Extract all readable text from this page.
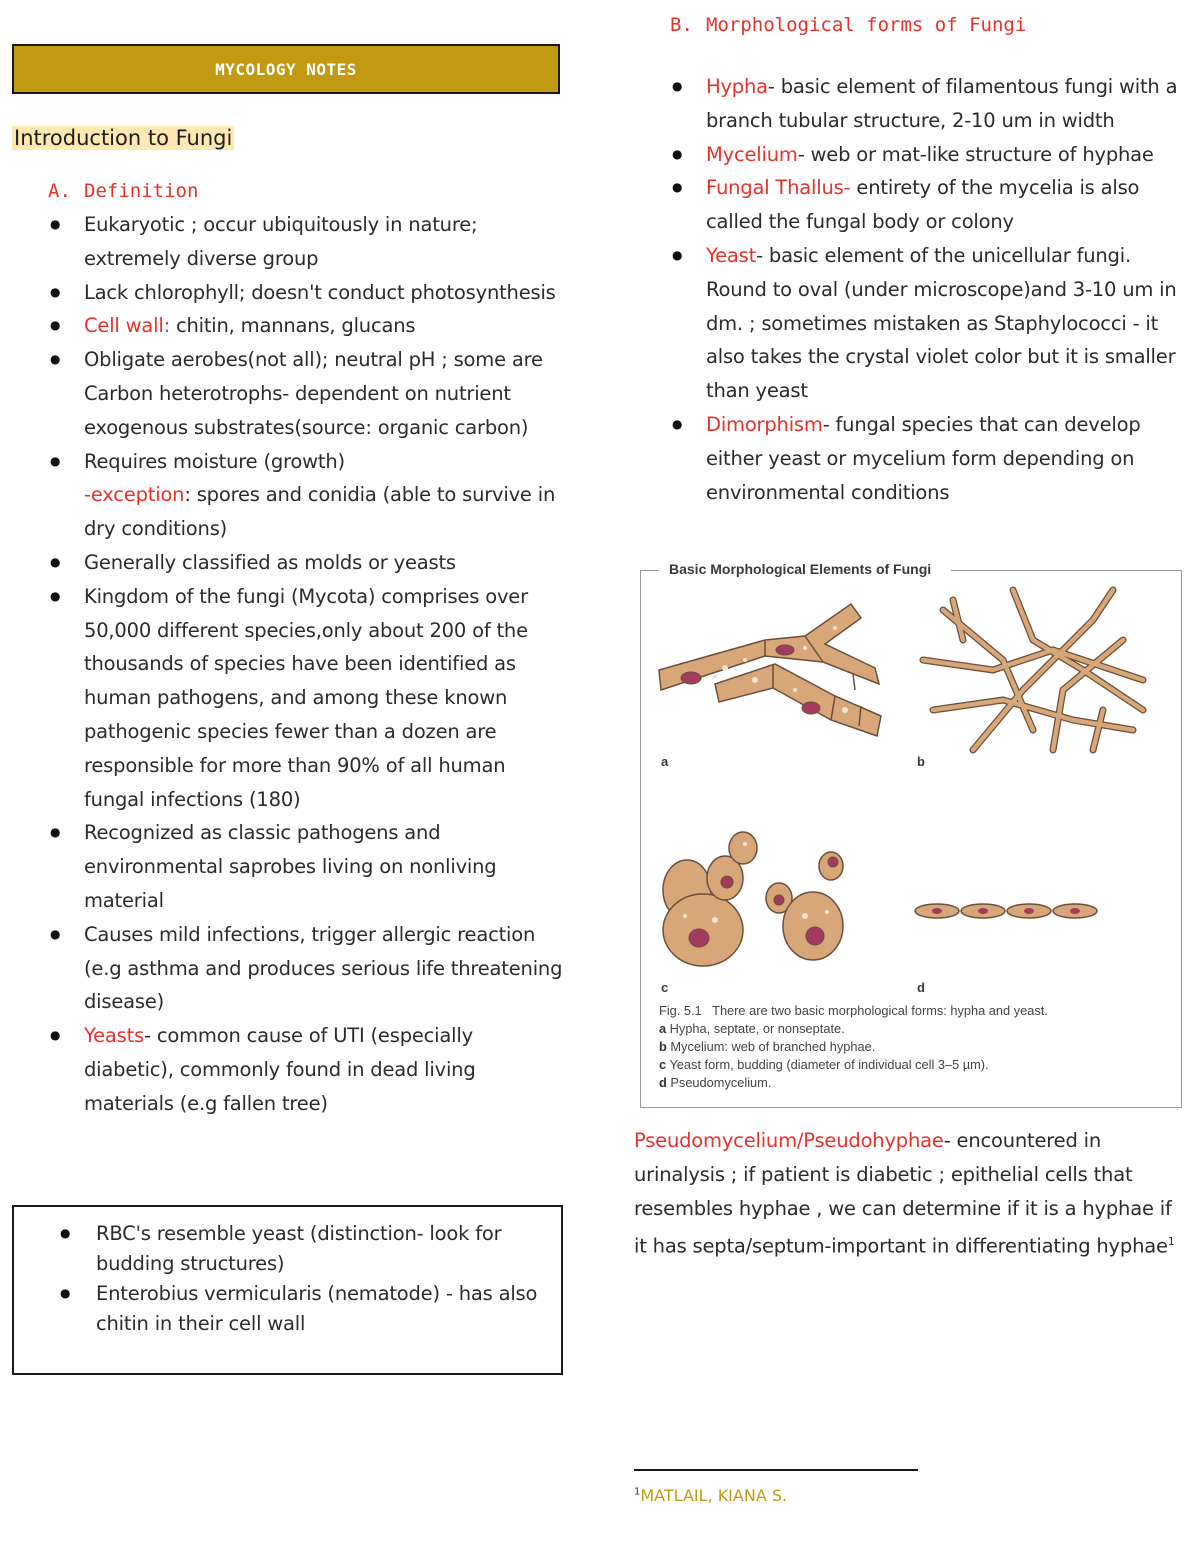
MYCOLOGY NOTES
Introduction to Fungi
A. Definition
● Eukaryotic ; occur ubiquitously in nature; extremely diverse group
● Lack chlorophyll; doesn't conduct photosynthesis
● Cell wall: chitin, mannans, glucans
● Obligate aerobes(not all); neutral pH ; some are Carbon heterotrophs- dependent on nutrient exogenous substrates(source: organic carbon)
● Requires moisture (growth)
-exception: spores and conidia (able to survive in dry conditions)
● Generally classified as molds or yeasts
● Kingdom of the fungi (Mycota) comprises over 50,000 different species,only about 200 of the thousands of species have been identified as human pathogens, and among these known pathogenic species fewer than a dozen are responsible for more than 90% of all human fungal infections (180)
● Recognized as classic pathogens and environmental saprobes living on nonliving material
● Causes mild infections, trigger allergic reaction (e.g asthma and produces serious life threatening disease)
● Yeasts- common cause of UTI (especially diabetic), commonly found in dead living materials (e.g fallen tree)
● RBC's resemble yeast (distinction- look for budding structures)
● Enterobius vermicularis (nematode) - has also chitin in their cell wall
B. Morphological forms of Fungi
● Hypha- basic element of filamentous fungi with a branch tubular structure, 2-10 um in width
● Mycelium- web or mat-like structure of hyphae
● Fungal Thallus- entirety of the mycelia is also called the fungal body or colony
● Yeast- basic element of the unicellular fungi. Round to oval (under microscope)and 3-10 um in dm. ; sometimes mistaken as Staphylococci - it also takes the crystal violet color but it is smaller than yeast
● Dimorphism- fungal species that can develop either yeast or mycelium form depending on environmental conditions
Basic Morphological Elements of Fungi
a	b
c	d
Fig. 5.1 There are two basic morphological forms: hypha and yeast.
a Hypha, septate, or nonseptate.
b Mycelium: web of branched hyphae.
c Yeast form, budding (diameter of individual cell 3–5 µm).
d Pseudomycelium.
Pseudomycelium/Pseudohyphae- encountered in urinalysis ; if patient is diabetic ; epithelial cells that resembles hyphae , we can determine if it is a hyphae if it has septa/septum-important in differentiating hyphae$^1$
$^1$MATLAIL, KIANA S.
